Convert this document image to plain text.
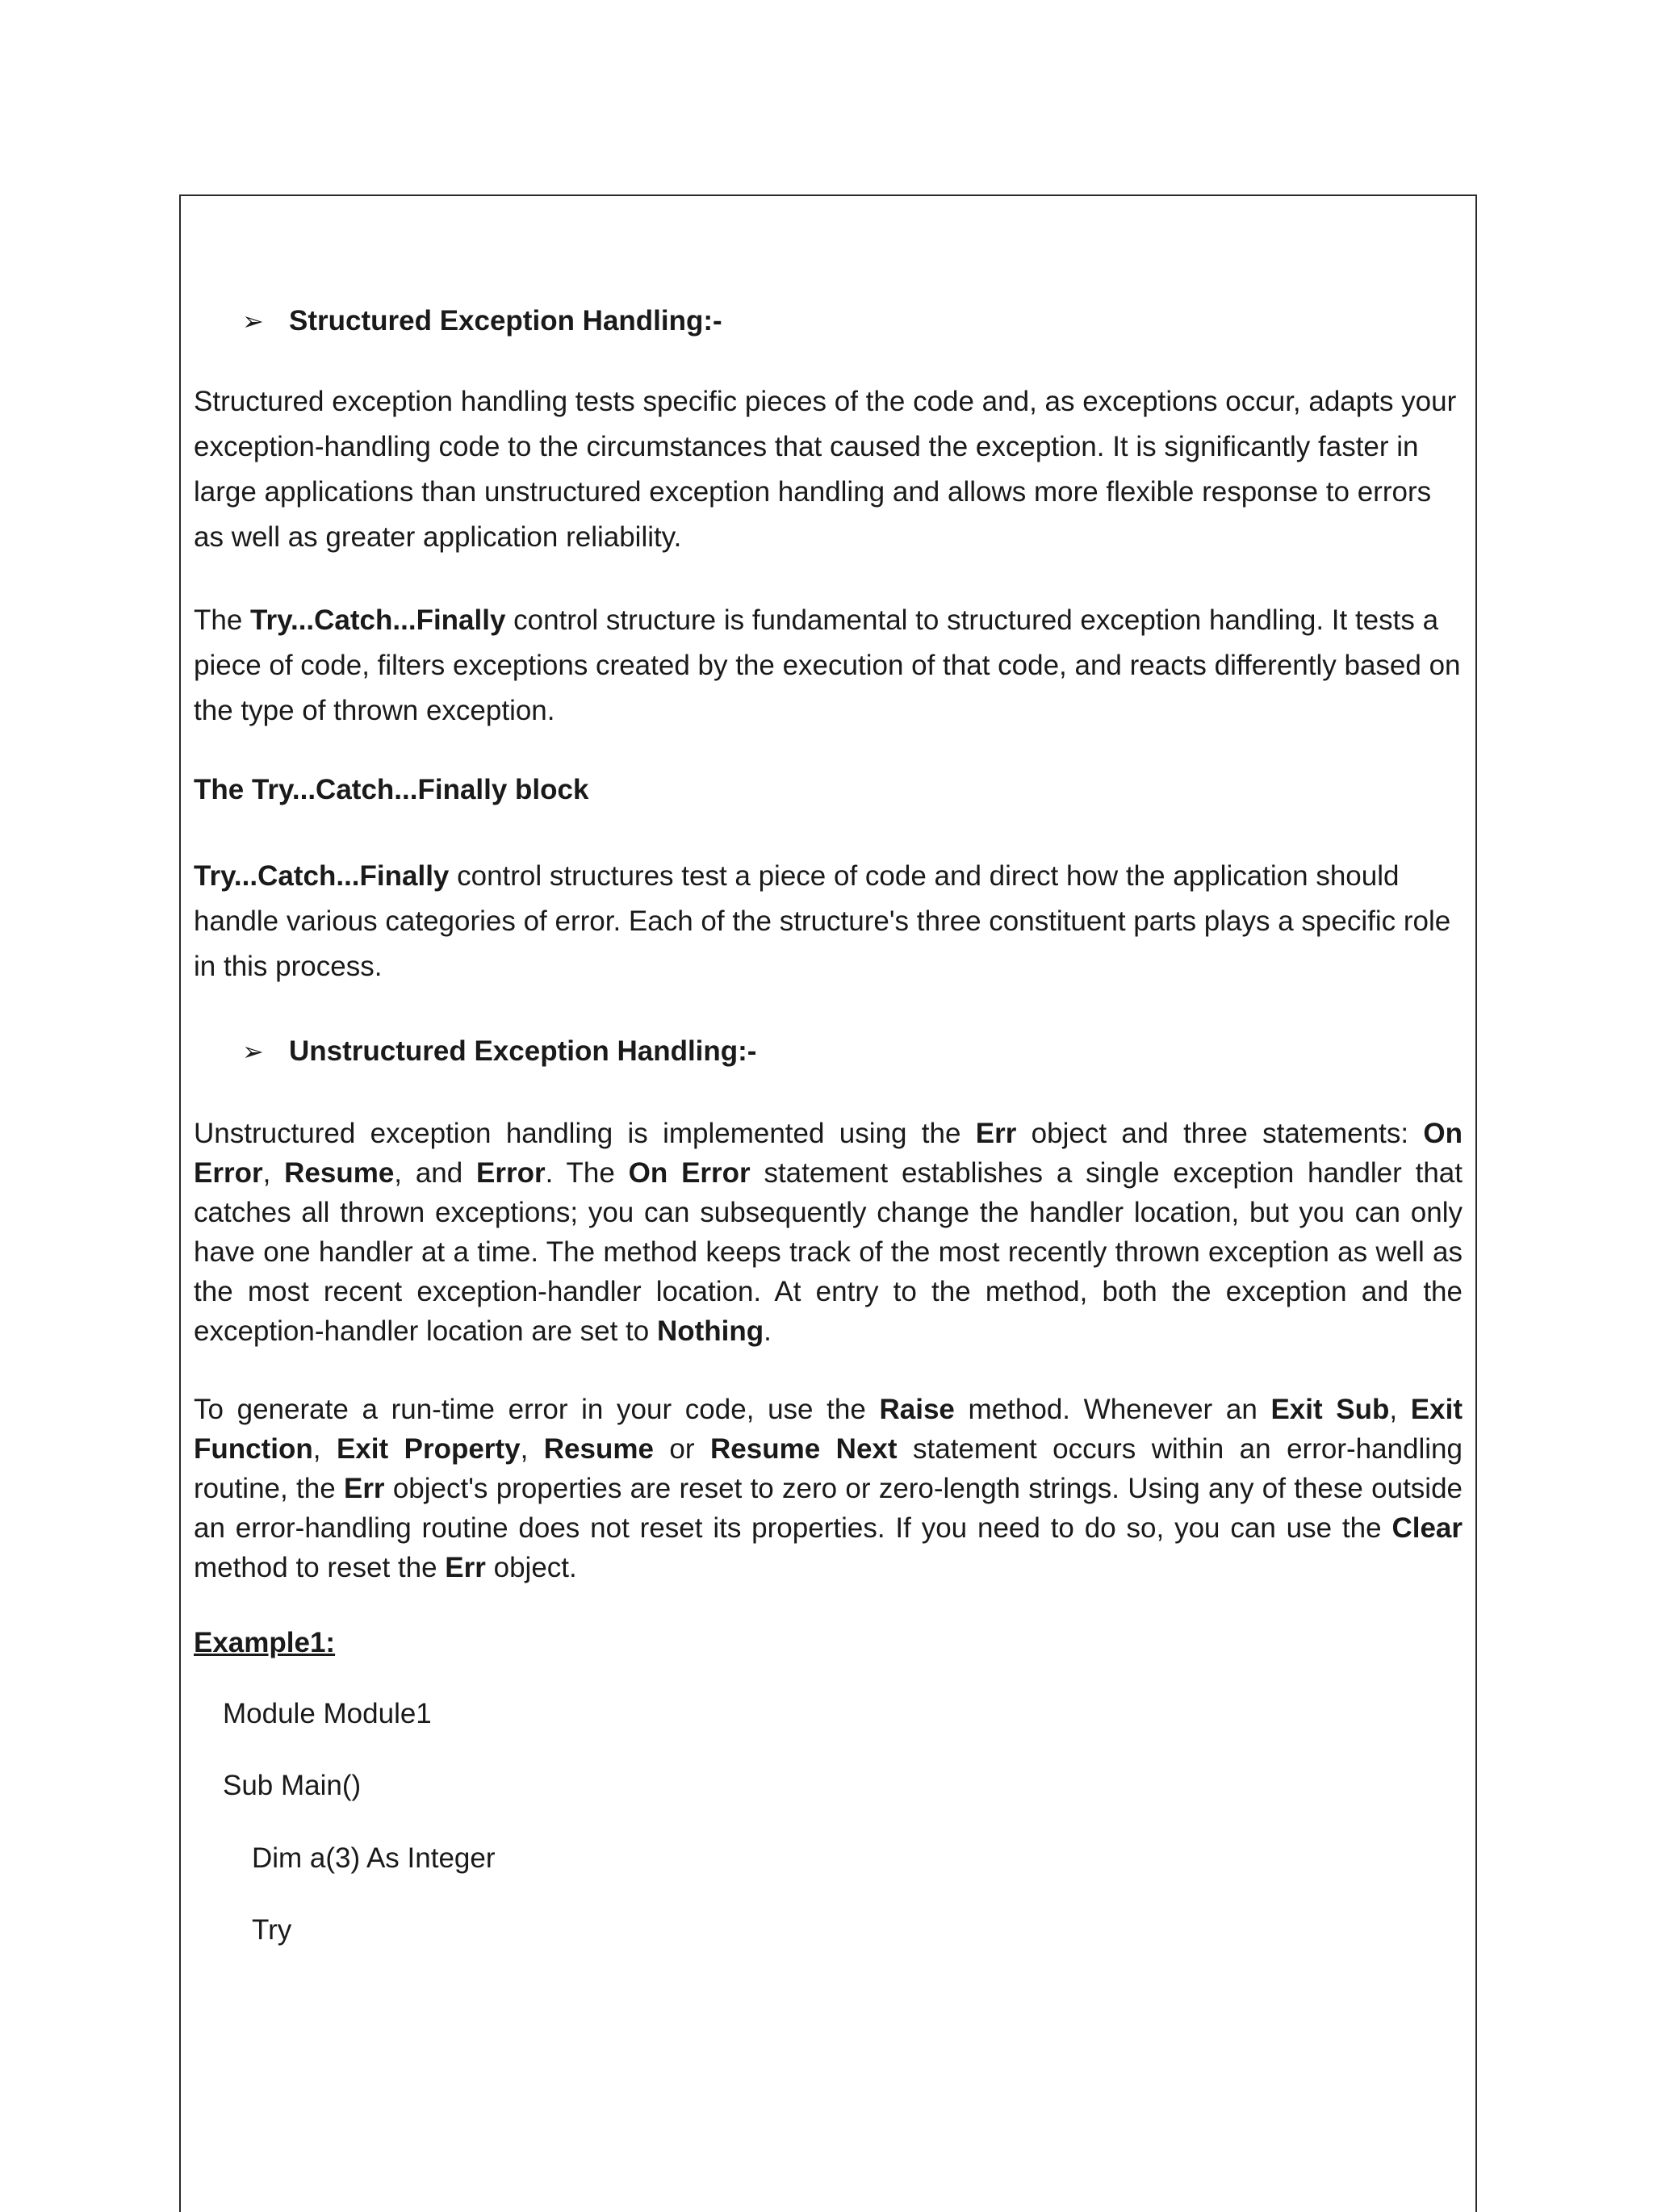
➢ Structured Exception Handling:-
Structured exception handling tests specific pieces of the code and, as exceptions occur, adapts your exception-handling code to the circumstances that caused the exception. It is significantly faster in large applications than unstructured exception handling and allows more flexible response to errors as well as greater application reliability.
The Try...Catch...Finally control structure is fundamental to structured exception handling. It tests a piece of code, filters exceptions created by the execution of that code, and reacts differently based on the type of thrown exception.
The Try...Catch...Finally block
Try...Catch...Finally control structures test a piece of code and direct how the application should handle various categories of error. Each of the structure's three constituent parts plays a specific role in this process.
➢ Unstructured Exception Handling:-
Unstructured exception handling is implemented using the Err object and three statements: On Error, Resume, and Error. The On Error statement establishes a single exception handler that catches all thrown exceptions; you can subsequently change the handler location, but you can only have one handler at a time. The method keeps track of the most recently thrown exception as well as the most recent exception-handler location. At entry to the method, both the exception and the exception-handler location are set to Nothing.
To generate a run-time error in your code, use the Raise method. Whenever an Exit Sub, Exit Function, Exit Property, Resume or Resume Next statement occurs within an error-handling routine, the Err object's properties are reset to zero or zero-length strings. Using any of these outside an error-handling routine does not reset its properties. If you need to do so, you can use the Clear method to reset the Err object.
Example1:
Module Module1
Sub Main()
Dim a(3) As Integer
Try
